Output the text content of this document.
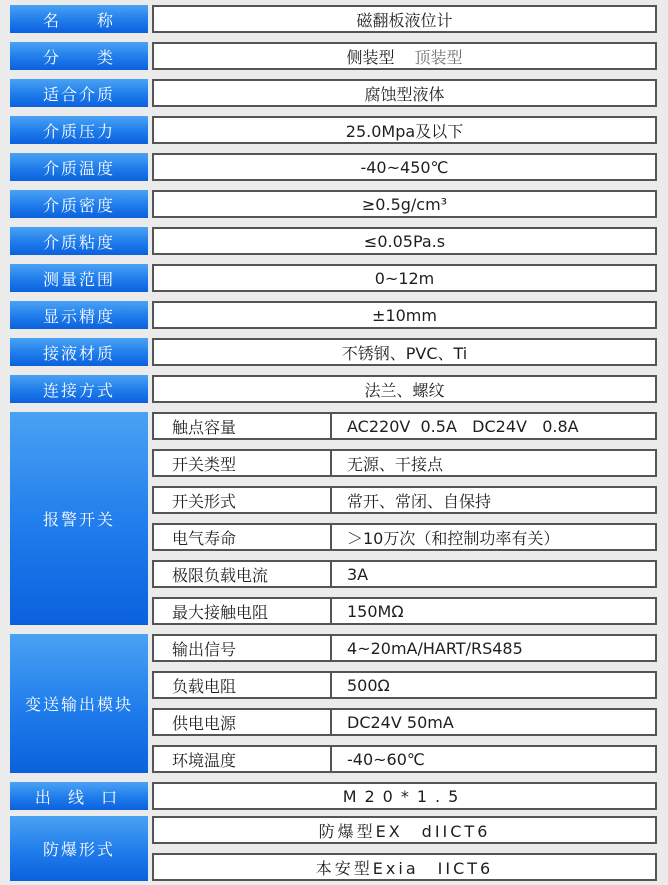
名　　称	磁翻板液位计
分　　类	侧装型 顶装型
适合介质	腐蚀型液体
介质压力	25.0Mpa及以下
介质温度	-40~450℃
介质密度	≥0.5g/cm³
介质粘度	≤0.05Pa.s
测量范围	0~12m
显示精度	±10mm
接液材质	不锈钢、PVC、Ti
连接方式	法兰、螺纹
报警开关
触点容量	AC220V  0.5A   DC24V   0.8A
开关类型	无源、干接点
开关形式	常开、常闭、自保持
电气寿命	＞10万次（和控制功率有关）
极限负载电流	3A
最大接触电阻	150MΩ
变送输出模块
输出信号	4~20mA/HART/RS485
负载电阻	500Ω
供电电源	DC24V 50mA
环境温度	-40~60℃
出 线 口	M20*1.5
防爆形式
防爆型EX　dIICT6
本安型Exia　IICT6
